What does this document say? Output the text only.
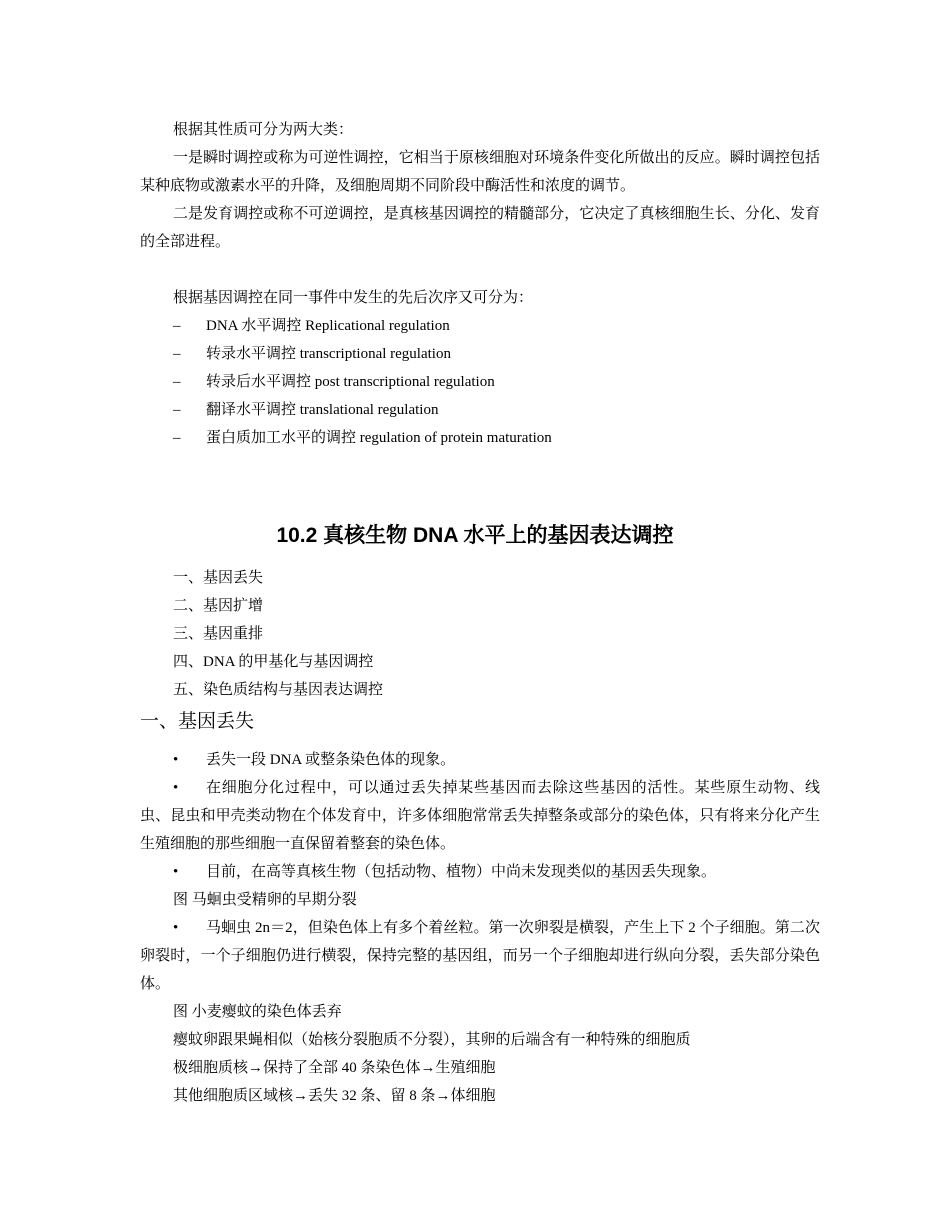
根据其性质可分为两大类：
一是瞬时调控或称为可逆性调控，它相当于原核细胞对环境条件变化所做出的反应。瞬时调控包括某种底物或激素水平的升降，及细胞周期不同阶段中酶活性和浓度的调节。
二是发育调控或称不可逆调控，是真核基因调控的精髓部分，它决定了真核细胞生长、分化、发育的全部进程。
根据基因调控在同一事件中发生的先后次序又可分为：
– DNA 水平调控 Replicational regulation
– 转录水平调控 transcriptional regulation
– 转录后水平调控 post transcriptional regulation
– 翻译水平调控 translational regulation
– 蛋白质加工水平的调控 regulation of protein maturation
10.2 真核生物 DNA 水平上的基因表达调控
一、基因丢失
二、基因扩增
三、基因重排
四、DNA 的甲基化与基因调控
五、染色质结构与基因表达调控
一、基因丢失
• 丢失一段 DNA 或整条染色体的现象。
•	在细胞分化过程中，可以通过丢失掉某些基因而去除这些基因的活性。某些原生动物、线虫、昆虫和甲壳类动物在个体发育中，许多体细胞常常丢失掉整条或部分的染色体，只有将来分化产生生殖细胞的那些细胞一直保留着整套的染色体。
• 目前，在高等真核生物（包括动物、植物）中尚未发现类似的基因丢失现象。
图 马蛔虫受精卵的早期分裂
•	马蛔虫 2n＝2，但染色体上有多个着丝粒。第一次卵裂是横裂，产生上下 2 个子细胞。第二次卵裂时，一个子细胞仍进行横裂，保持完整的基因组，而另一个子细胞却进行纵向分裂，丢失部分染色体。
图 小麦瘿蚊的染色体丢弃
瘿蚊卵跟果蝇相似（始核分裂胞质不分裂），其卵的后端含有一种特殊的细胞质
极细胞质核→保持了全部 40 条染色体→生殖细胞
其他细胞质区域核→丢失 32 条、留 8 条→体细胞
